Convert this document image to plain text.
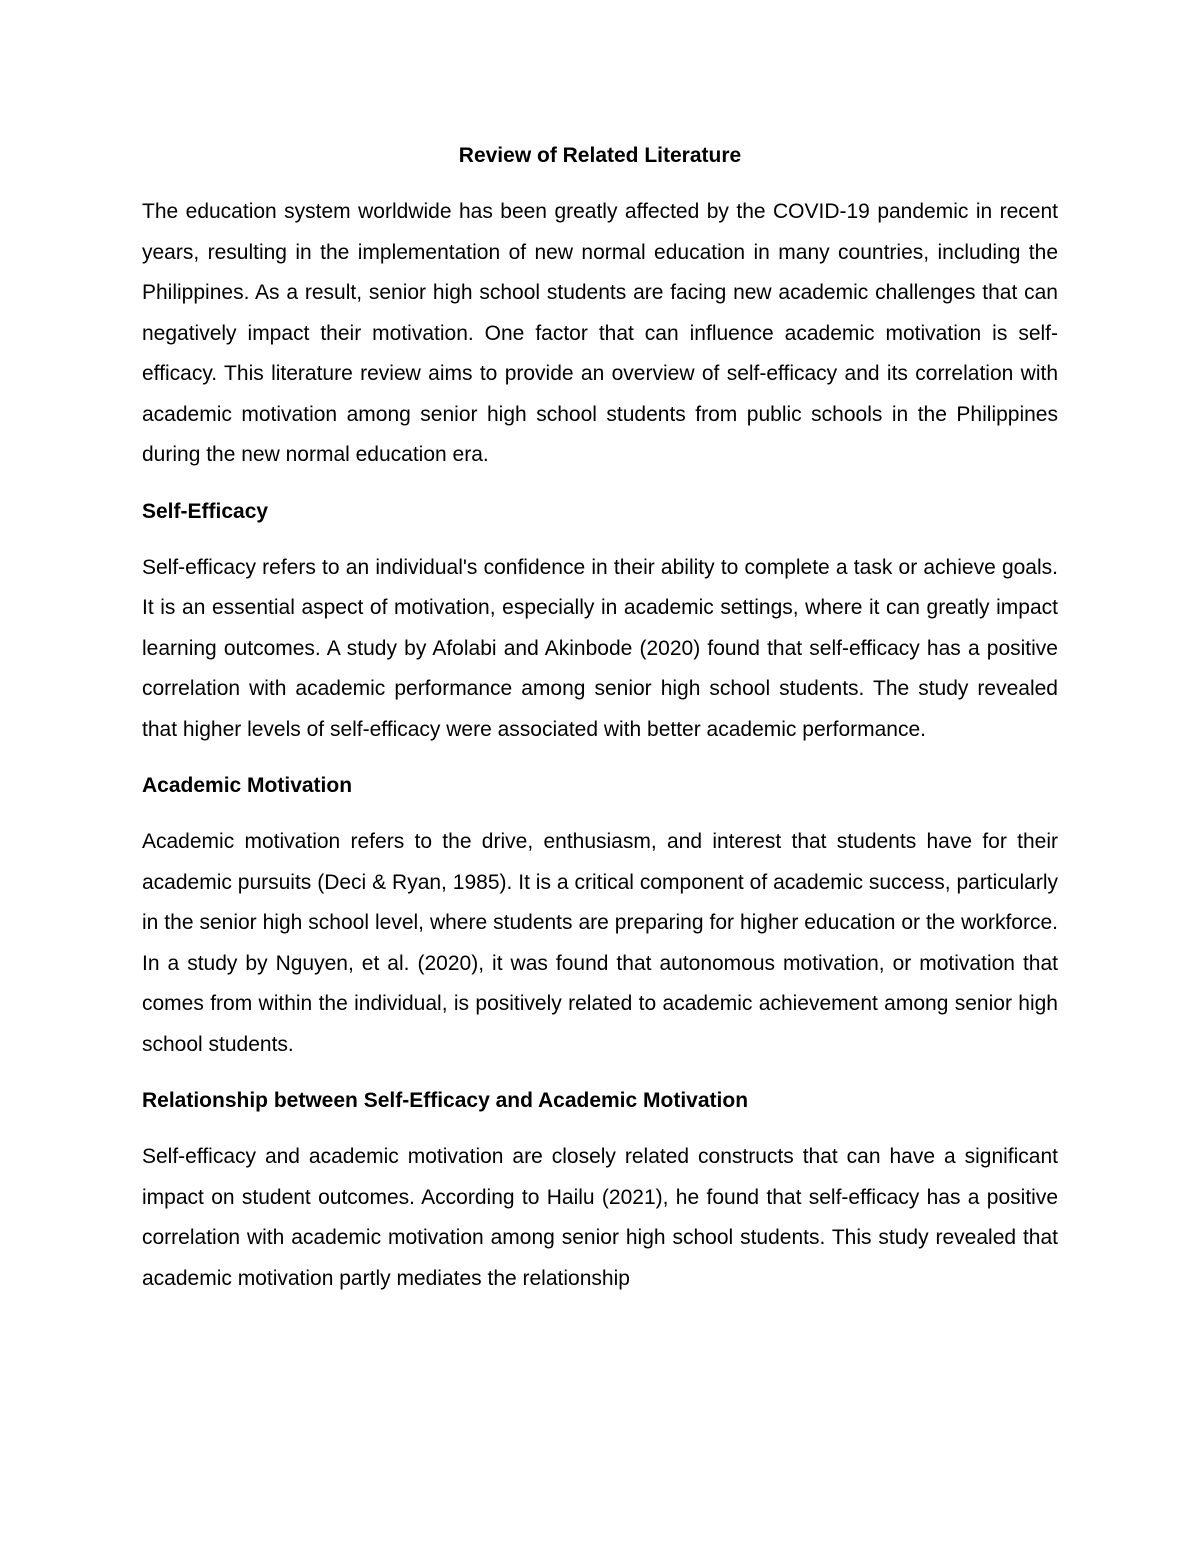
Review of Related Literature

The education system worldwide has been greatly affected by the COVID-19 pandemic in recent years, resulting in the implementation of new normal education in many countries, including the Philippines. As a result, senior high school students are facing new academic challenges that can negatively impact their motivation. One factor that can influence academic motivation is self-efficacy. This literature review aims to provide an overview of self-efficacy and its correlation with academic motivation among senior high school students from public schools in the Philippines during the new normal education era.

Self-Efficacy

Self-efficacy refers to an individual's confidence in their ability to complete a task or achieve goals. It is an essential aspect of motivation, especially in academic settings, where it can greatly impact learning outcomes. A study by Afolabi and Akinbode (2020) found that self-efficacy has a positive correlation with academic performance among senior high school students. The study revealed that higher levels of self-efficacy were associated with better academic performance.

Academic Motivation

Academic motivation refers to the drive, enthusiasm, and interest that students have for their academic pursuits (Deci & Ryan, 1985). It is a critical component of academic success, particularly in the senior high school level, where students are preparing for higher education or the workforce. In a study by Nguyen, et al. (2020), it was found that autonomous motivation, or motivation that comes from within the individual, is positively related to academic achievement among senior high school students.

Relationship between Self-Efficacy and Academic Motivation

Self-efficacy and academic motivation are closely related constructs that can have a significant impact on student outcomes. According to Hailu (2021), he found that self-efficacy has a positive correlation with academic motivation among senior high school students. This study revealed that academic motivation partly mediates the relationship
